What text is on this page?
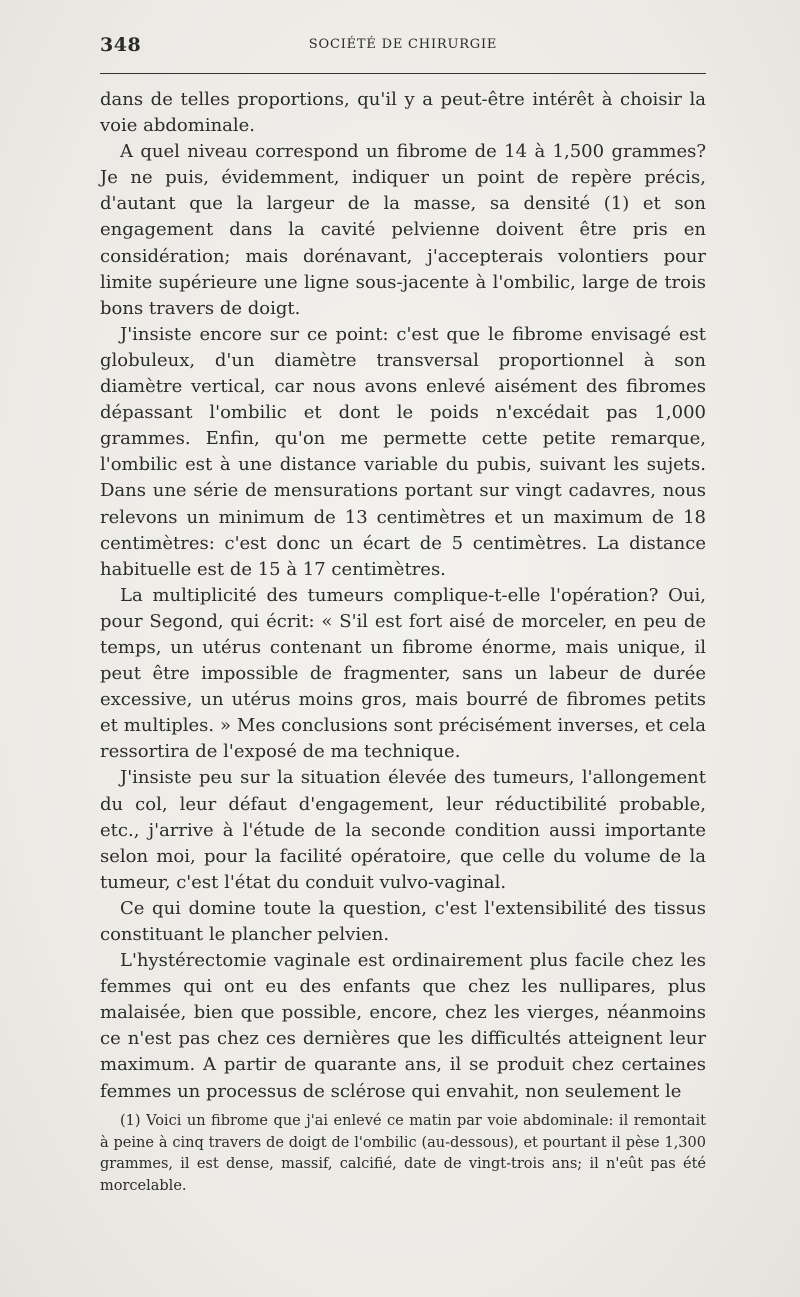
348	SOCIÉTÉ DE CHIRURGIE

dans de telles proportions, qu'il y a peut-être intérêt à choisir la voie abdominale.

A quel niveau correspond un fibrome de 14 à 1,500 grammes? Je ne puis, évidemment, indiquer un point de repère précis, d'autant que la largeur de la masse, sa densité (1) et son engagement dans la cavité pelvienne doivent être pris en considération; mais dorénavant, j'accepterais volontiers pour limite supérieure une ligne sous-jacente à l'ombilic, large de trois bons travers de doigt.

J'insiste encore sur ce point: c'est que le fibrome envisagé est globuleux, d'un diamètre transversal proportionnel à son diamètre vertical, car nous avons enlevé aisément des fibromes dépassant l'ombilic et dont le poids n'excédait pas 1,000 grammes. Enfin, qu'on me permette cette petite remarque, l'ombilic est à une distance variable du pubis, suivant les sujets. Dans une série de mensurations portant sur vingt cadavres, nous relevons un minimum de 13 centimètres et un maximum de 18 centimètres: c'est donc un écart de 5 centimètres. La distance habituelle est de 15 à 17 centimètres.

La multiplicité des tumeurs complique-t-elle l'opération? Oui, pour Segond, qui écrit: « S'il est fort aisé de morceler, en peu de temps, un utérus contenant un fibrome énorme, mais unique, il peut être impossible de fragmenter, sans un labeur de durée excessive, un utérus moins gros, mais bourré de fibromes petits et multiples. » Mes conclusions sont précisément inverses, et cela ressortira de l'exposé de ma technique.

J'insiste peu sur la situation élevée des tumeurs, l'allongement du col, leur défaut d'engagement, leur réductibilité probable, etc., j'arrive à l'étude de la seconde condition aussi importante selon moi, pour la facilité opératoire, que celle du volume de la tumeur, c'est l'état du conduit vulvo-vaginal.

Ce qui domine toute la question, c'est l'extensibilité des tissus constituant le plancher pelvien.

L'hystérectomie vaginale est ordinairement plus facile chez les femmes qui ont eu des enfants que chez les nullipares, plus malaisée, bien que possible, encore, chez les vierges, néanmoins ce n'est pas chez ces dernières que les difficultés atteignent leur maximum. A partir de quarante ans, il se produit chez certaines femmes un processus de sclérose qui envahit, non seulement le

(1) Voici un fibrome que j'ai enlevé ce matin par voie abdominale: il remontait à peine à cinq travers de doigt de l'ombilic (au-dessous), et pourtant il pèse 1,300 grammes, il est dense, massif, calcifié, date de vingt-trois ans; il n'eût pas été morcelable.
